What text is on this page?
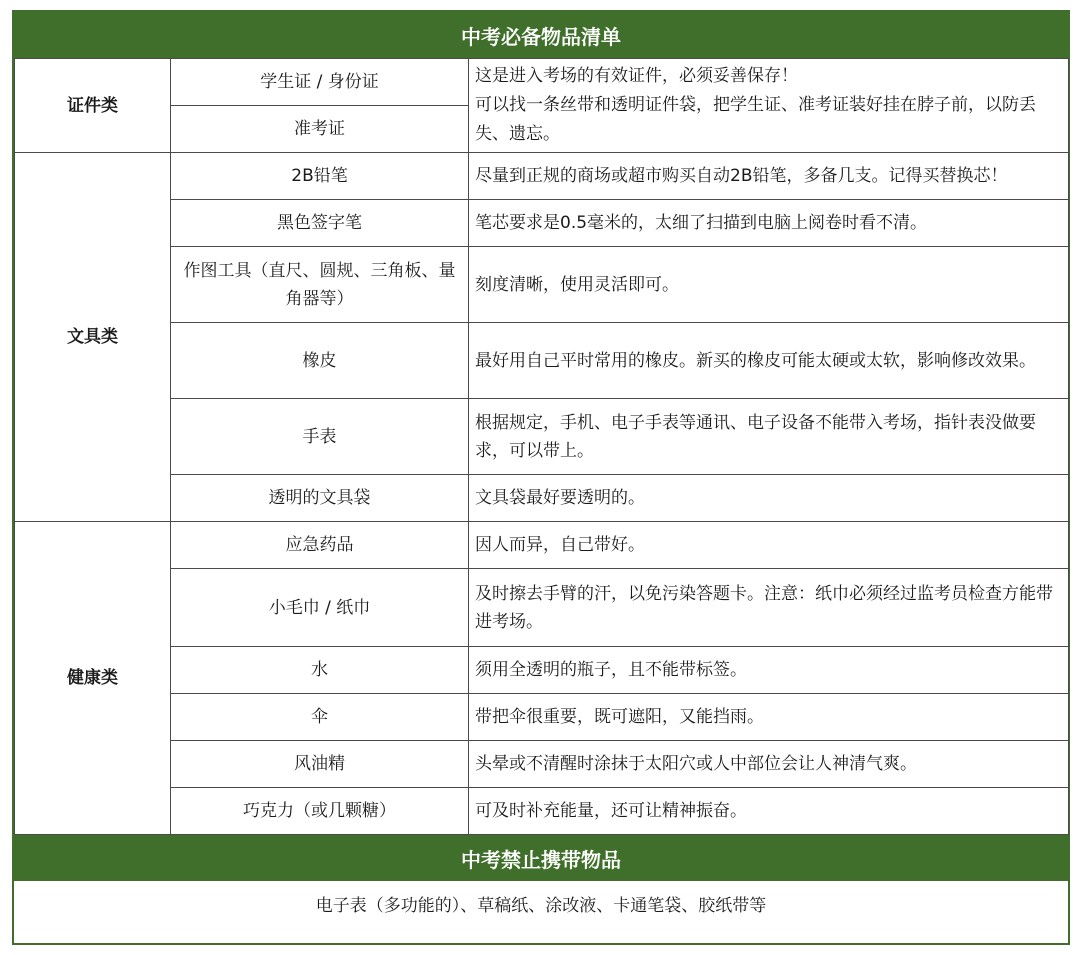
中考必备物品清单
证件类	学生证 / 身份证	这是进入考场的有效证件，必须妥善保存！
可以找一条丝带和透明证件袋，把学生证、准考证装好挂在脖子前，以防丢失、遗忘。
	准考证	
文具类	2B铅笔	尽量到正规的商场或超市购买自动2B铅笔，多备几支。记得买替换芯！
	黑色签字笔	笔芯要求是0.5毫米的，太细了扫描到电脑上阅卷时看不清。
	作图工具（直尺、圆规、三角板、量角器等）	刻度清晰，使用灵活即可。
	橡皮	最好用自己平时常用的橡皮。新买的橡皮可能太硬或太软，影响修改效果。
	手表	根据规定，手机、电子手表等通讯、电子设备不能带入考场，指针表没做要求，可以带上。
	透明的文具袋	文具袋最好要透明的。
健康类	应急药品	因人而异，自己带好。
	小毛巾 / 纸巾	及时擦去手臂的汗，以免污染答题卡。注意：纸巾必须经过监考员检查方能带进考场。
	水	须用全透明的瓶子，且不能带标签。
	伞	带把伞很重要，既可遮阳，又能挡雨。
	风油精	头晕或不清醒时涂抹于太阳穴或人中部位会让人神清气爽。
	巧克力（或几颗糖）	可及时补充能量，还可让精神振奋。
中考禁止携带物品
电子表（多功能的）、草稿纸、涂改液、卡通笔袋、胶纸带等
